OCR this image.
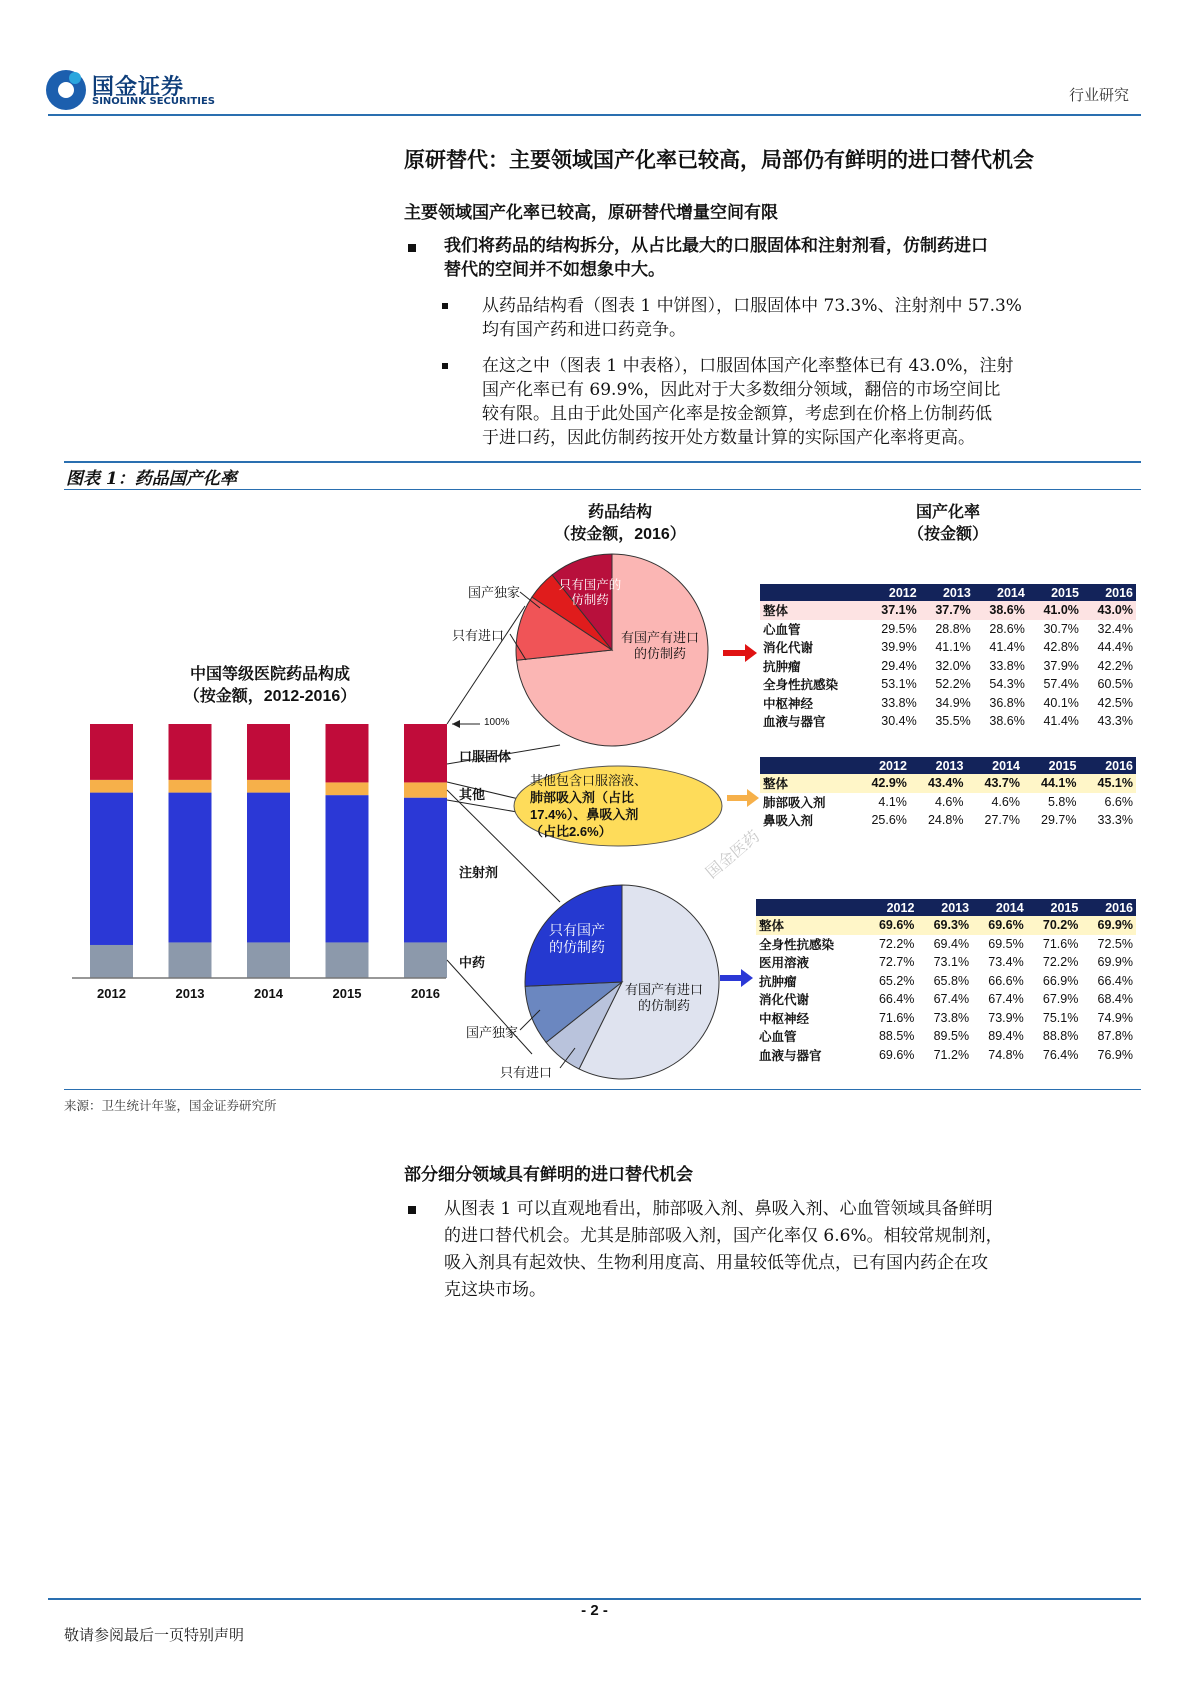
国金证券
SINOLINK SECURITIES	行业研究
原研替代：主要领域国产化率已较高，局部仍有鲜明的进口替代机会
主要领域国产化率已较高，原研替代增量空间有限
我们将药品的结构拆分，从占比最大的口服固体和注射剂看，仿制药进口
替代的空间并不如想象中大。
从药品结构看（图表 1 中饼图），口服固体中 73.3%、注射剂中 57.3%
均有国产药和进口药竞争。
在这之中（图表 1 中表格），口服固体国产化率整体已有 43.0%，注射
国产化率已有 69.9%，因此对于大多数细分领域，翻倍的市场空间比
较有限。且由于此处国产化率是按金额算，考虑到在价格上仿制药低
于进口药，因此仿制药按开处方数量计算的实际国产化率将更高。
图表 1：药品国产化率
药品结构
（按金额，2016）
国产化率
（按金额）
中国等级医院药品构成
（按金额，2012-2016）
100%
口服固体
其他
注射剂
中药
2012	2013	2014	2015	2016
国产独家
只有进口
只有国产的仿制药
有国产有进口的仿制药
其他包含口服溶液、
肺部吸入剂（占比
17.4%）、鼻吸入剂
（占比2.6%）
只有国产的仿制药
有国产有进口的仿制药
国产独家
只有进口
	2012	2013	2014	2015	2016
整体	37.1%	37.7%	38.6%	41.0%	43.0%
心血管	29.5%	28.8%	28.6%	30.7%	32.4%
消化代谢	39.9%	41.1%	41.4%	42.8%	44.4%
抗肿瘤	29.4%	32.0%	33.8%	37.9%	42.2%
全身性抗感染	53.1%	52.2%	54.3%	57.4%	60.5%
中枢神经	33.8%	34.9%	36.8%	40.1%	42.5%
血液与器官	30.4%	35.5%	38.6%	41.4%	43.3%
	2012	2013	2014	2015	2016
整体	42.9%	43.4%	43.7%	44.1%	45.1%
肺部吸入剂	4.1%	4.6%	4.6%	5.8%	6.6%
鼻吸入剂	25.6%	24.8%	27.7%	29.7%	33.3%
	2012	2013	2014	2015	2016
整体	69.6%	69.3%	69.6%	70.2%	69.9%
全身性抗感染	72.2%	69.4%	69.5%	71.6%	72.5%
医用溶液	72.7%	73.1%	73.4%	72.2%	69.9%
抗肿瘤	65.2%	65.8%	66.6%	66.9%	66.4%
消化代谢	66.4%	67.4%	67.4%	67.9%	68.4%
中枢神经	71.6%	73.8%	73.9%	75.1%	74.9%
心血管	88.5%	89.5%	89.4%	88.8%	87.8%
血液与器官	69.6%	71.2%	74.8%	76.4%	76.9%
国金医药
来源：卫生统计年鉴，国金证券研究所
部分细分领域具有鲜明的进口替代机会
从图表 1 可以直观地看出，肺部吸入剂、鼻吸入剂、心血管领域具备鲜明
的进口替代机会。尤其是肺部吸入剂，国产化率仅 6.6%。相较常规制剂，
吸入剂具有起效快、生物利用度高、用量较低等优点，已有国内药企在攻
克这块市场。
- 2 -
敬请参阅最后一页特别声明
